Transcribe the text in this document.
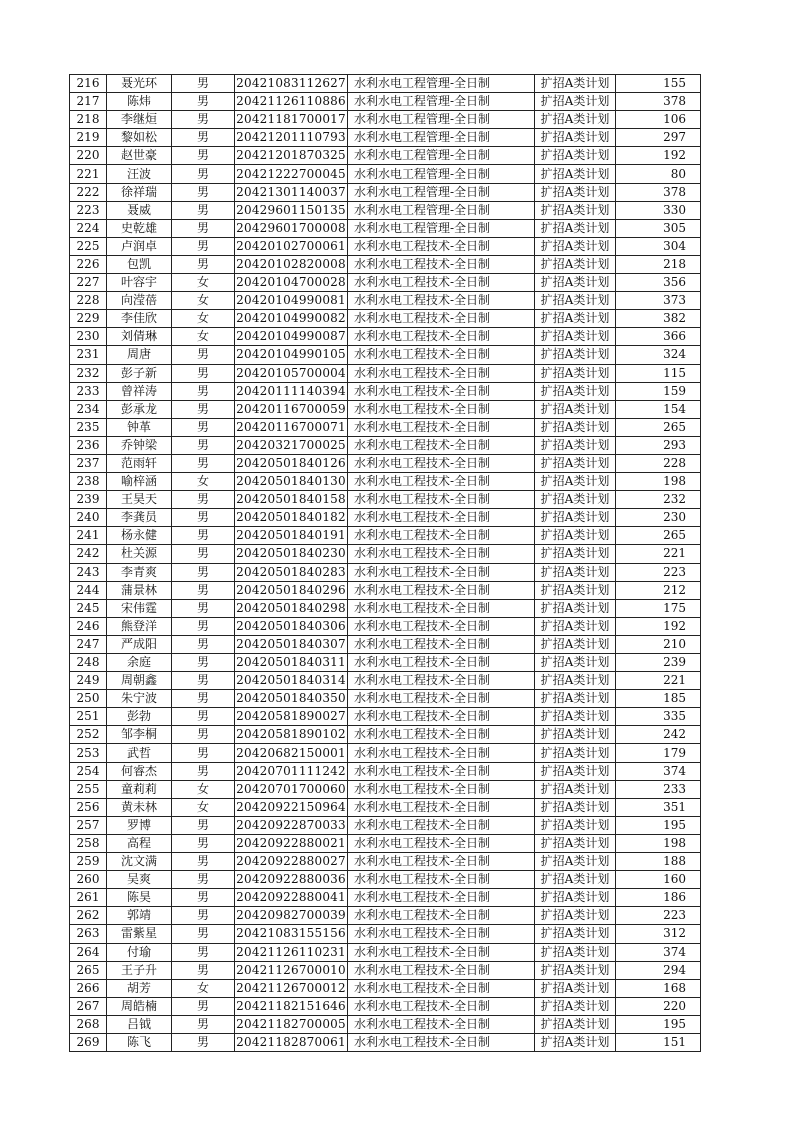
216	聂光环	男	20421083112627	水利水电工程管理-全日制	扩招A类计划	155
217	陈炜	男	20421126110886	水利水电工程管理-全日制	扩招A类计划	378
218	李继烜	男	20421181700017	水利水电工程管理-全日制	扩招A类计划	106
219	黎如松	男	20421201110793	水利水电工程管理-全日制	扩招A类计划	297
220	赵世豪	男	20421201870325	水利水电工程管理-全日制	扩招A类计划	192
221	汪波	男	20421222700045	水利水电工程管理-全日制	扩招A类计划	80
222	徐祥瑞	男	20421301140037	水利水电工程管理-全日制	扩招A类计划	378
223	聂威	男	20429601150135	水利水电工程管理-全日制	扩招A类计划	330
224	史乾雄	男	20429601700008	水利水电工程管理-全日制	扩招A类计划	305
225	卢润卓	男	20420102700061	水利水电工程技术-全日制	扩招A类计划	304
226	包凯	男	20420102820008	水利水电工程技术-全日制	扩招A类计划	218
227	叶容宇	女	20420104700028	水利水电工程技术-全日制	扩招A类计划	356
228	向滢蓓	女	20420104990081	水利水电工程技术-全日制	扩招A类计划	373
229	李佳欣	女	20420104990082	水利水电工程技术-全日制	扩招A类计划	382
230	刘倩琳	女	20420104990087	水利水电工程技术-全日制	扩招A类计划	366
231	周唐	男	20420104990105	水利水电工程技术-全日制	扩招A类计划	324
232	彭子新	男	20420105700004	水利水电工程技术-全日制	扩招A类计划	115
233	曾祥涛	男	20420111140394	水利水电工程技术-全日制	扩招A类计划	159
234	彭承龙	男	20420116700059	水利水电工程技术-全日制	扩招A类计划	154
235	钟革	男	20420116700071	水利水电工程技术-全日制	扩招A类计划	265
236	乔钟梁	男	20420321700025	水利水电工程技术-全日制	扩招A类计划	293
237	范雨轩	男	20420501840126	水利水电工程技术-全日制	扩招A类计划	228
238	喻梓涵	女	20420501840130	水利水电工程技术-全日制	扩招A类计划	198
239	王昊天	男	20420501840158	水利水电工程技术-全日制	扩招A类计划	232
240	李龚员	男	20420501840182	水利水电工程技术-全日制	扩招A类计划	230
241	杨永健	男	20420501840191	水利水电工程技术-全日制	扩招A类计划	265
242	杜关源	男	20420501840230	水利水电工程技术-全日制	扩招A类计划	221
243	李青爽	男	20420501840283	水利水电工程技术-全日制	扩招A类计划	223
244	蒲景林	男	20420501840296	水利水电工程技术-全日制	扩招A类计划	212
245	宋伟霆	男	20420501840298	水利水电工程技术-全日制	扩招A类计划	175
246	熊登洋	男	20420501840306	水利水电工程技术-全日制	扩招A类计划	192
247	严成阳	男	20420501840307	水利水电工程技术-全日制	扩招A类计划	210
248	余庭	男	20420501840311	水利水电工程技术-全日制	扩招A类计划	239
249	周朝鑫	男	20420501840314	水利水电工程技术-全日制	扩招A类计划	221
250	朱宁波	男	20420501840350	水利水电工程技术-全日制	扩招A类计划	185
251	彭勃	男	20420581890027	水利水电工程技术-全日制	扩招A类计划	335
252	邹李桐	男	20420581890102	水利水电工程技术-全日制	扩招A类计划	242
253	武哲	男	20420682150001	水利水电工程技术-全日制	扩招A类计划	179
254	何睿杰	男	20420701111242	水利水电工程技术-全日制	扩招A类计划	374
255	童莉莉	女	20420701700060	水利水电工程技术-全日制	扩招A类计划	233
256	黄未林	女	20420922150964	水利水电工程技术-全日制	扩招A类计划	351
257	罗博	男	20420922870033	水利水电工程技术-全日制	扩招A类计划	195
258	高程	男	20420922880021	水利水电工程技术-全日制	扩招A类计划	198
259	沈文满	男	20420922880027	水利水电工程技术-全日制	扩招A类计划	188
260	吴爽	男	20420922880036	水利水电工程技术-全日制	扩招A类计划	160
261	陈昊	男	20420922880041	水利水电工程技术-全日制	扩招A类计划	186
262	郭靖	男	20420982700039	水利水电工程技术-全日制	扩招A类计划	223
263	雷紫星	男	20421083155156	水利水电工程技术-全日制	扩招A类计划	312
264	付瑜	男	20421126110231	水利水电工程技术-全日制	扩招A类计划	374
265	王子升	男	20421126700010	水利水电工程技术-全日制	扩招A类计划	294
266	胡芳	女	20421126700012	水利水电工程技术-全日制	扩招A类计划	168
267	周皓楠	男	20421182151646	水利水电工程技术-全日制	扩招A类计划	220
268	吕钺	男	20421182700005	水利水电工程技术-全日制	扩招A类计划	195
269	陈飞	男	20421182870061	水利水电工程技术-全日制	扩招A类计划	151
